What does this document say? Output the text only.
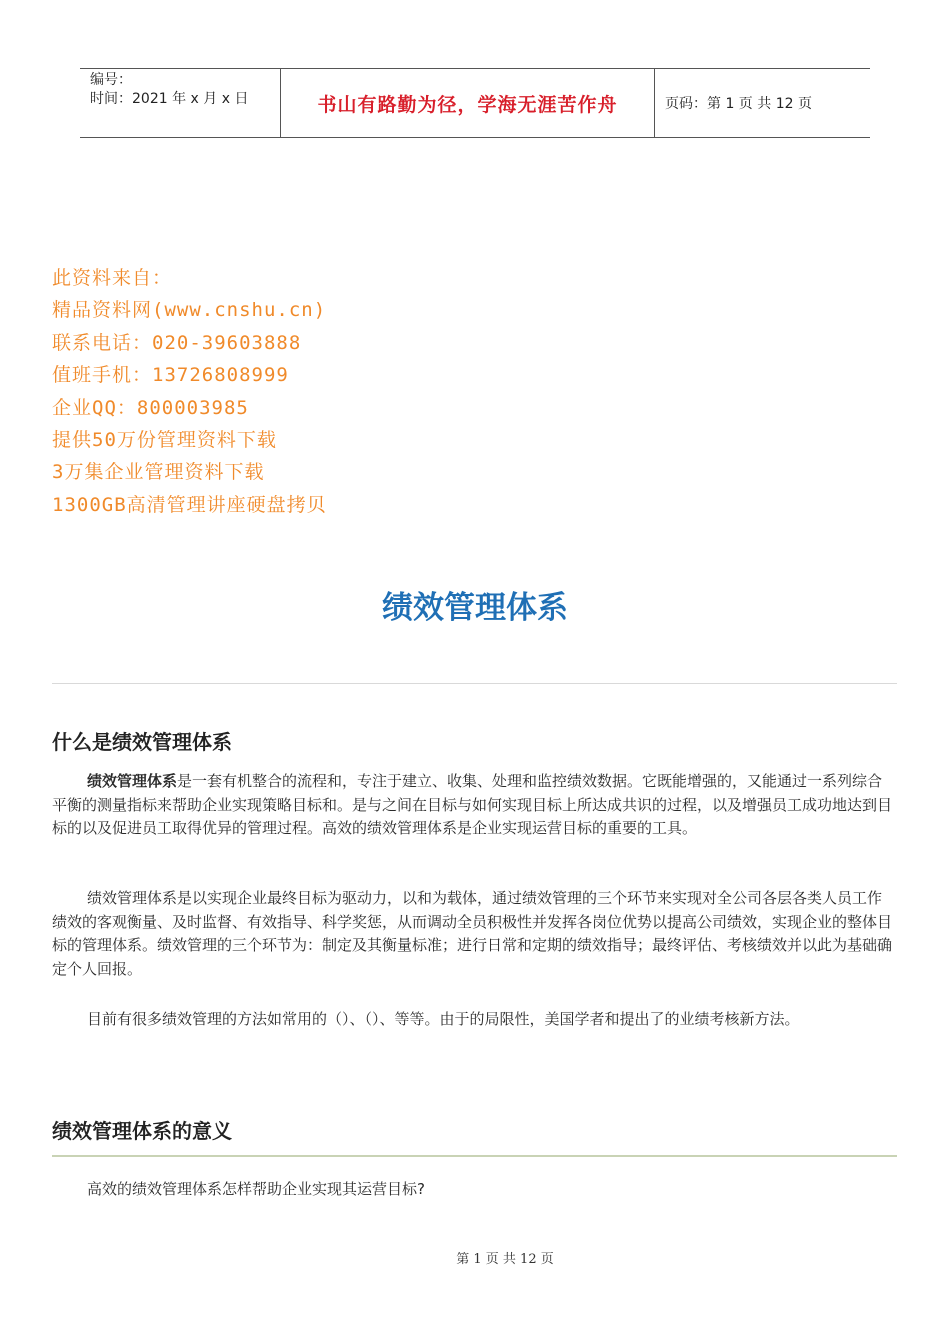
编号：
时间：2021 年 x 月 x 日	书山有路勤为径，学海无涯苦作舟	页码：第 1 页 共 12 页
此资料来自：
精品资料网(www.cnshu.cn)
联系电话：020-39603888
值班手机：13726808999
企业QQ：800003985
提供50万份管理资料下载
3万集企业管理资料下载
1300GB高清管理讲座硬盘拷贝
绩效管理体系
什么是绩效管理体系
绩效管理体系是一套有机整合的流程和，专注于建立、收集、处理和监控绩效数据。它既能增强的，又能通过一系列综合平衡的测量指标来帮助企业实现策略目标和。是与之间在目标与如何实现目标上所达成共识的过程，以及增强员工成功地达到目标的以及促进员工取得优异的管理过程。高效的绩效管理体系是企业实现运营目标的重要的工具。
绩效管理体系是以实现企业最终目标为驱动力，以和为载体，通过绩效管理的三个环节来实现对全公司各层各类人员工作绩效的客观衡量、及时监督、有效指导、科学奖惩，从而调动全员积极性并发挥各岗位优势以提高公司绩效，实现企业的整体目标的管理体系。绩效管理的三个环节为：制定及其衡量标准；进行日常和定期的绩效指导；最终评估、考核绩效并以此为基础确定个人回报。
目前有很多绩效管理的方法如常用的（）、（）、等等。由于的局限性，美国学者和提出了的业绩考核新方法。
绩效管理体系的意义
高效的绩效管理体系怎样帮助企业实现其运营目标?
第 1 页 共 12 页
